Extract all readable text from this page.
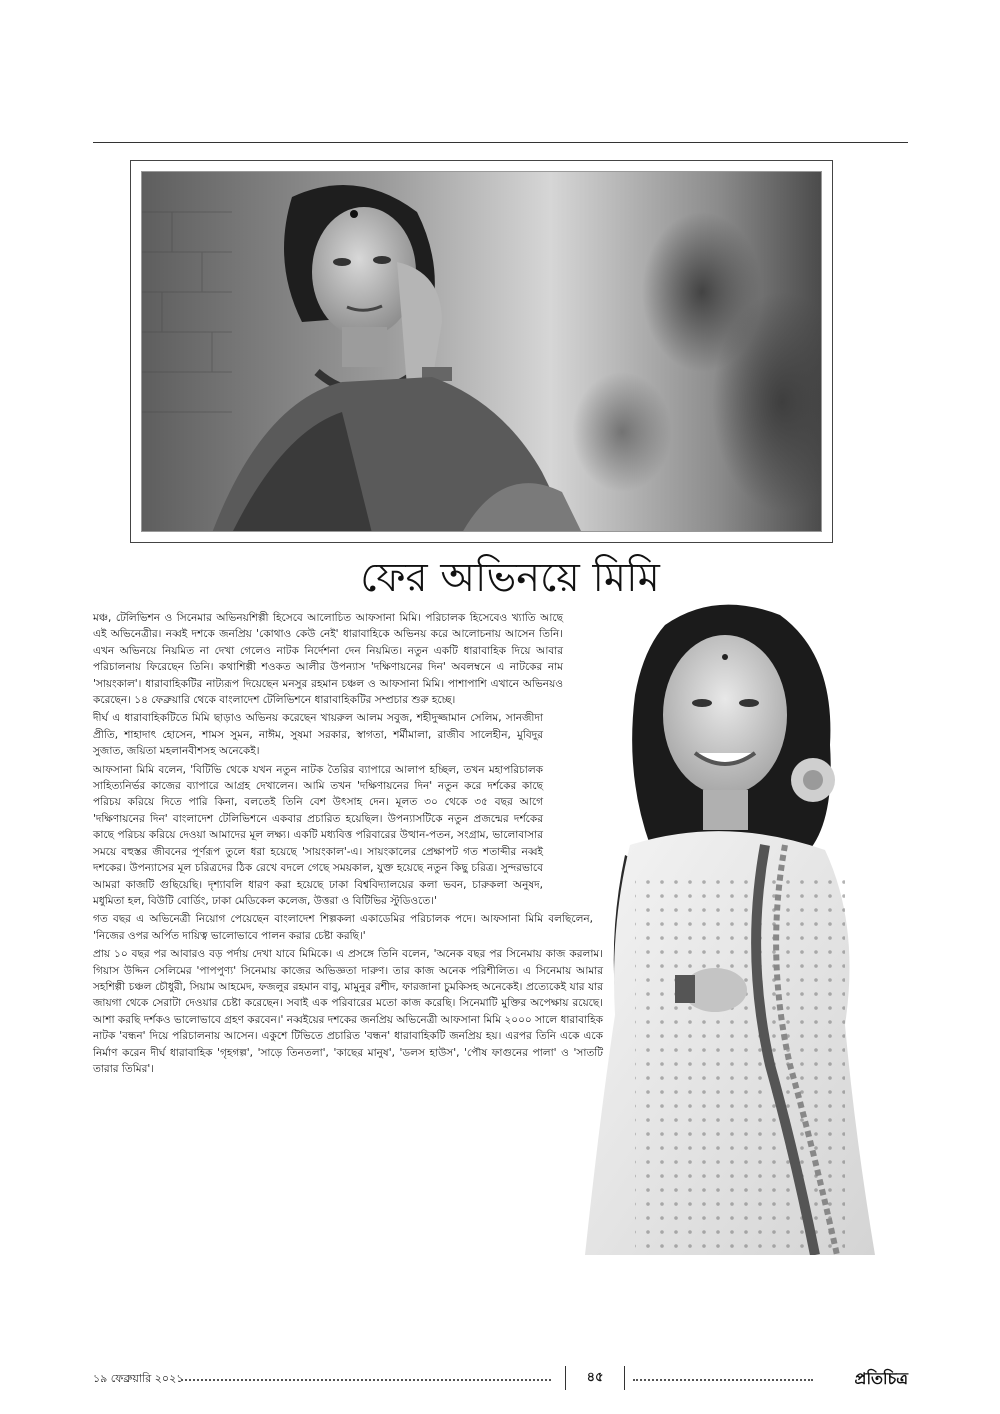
ফের অভিনয়ে মিমি

মঞ্চ, টেলিভিশন ও সিনেমার অভিনয়শিল্পী হিসেবে আলোচিত আফসানা মিমি। পরিচালক হিসেবেও খ্যাতি আছে এই অভিনেত্রীর। নব্বই দশকে জনপ্রিয় 'কোথাও কেউ নেই' ধারাবাহিকে অভিনয় করে আলোচনায় আসেন তিনি। এখন অভিনয়ে নিয়মিত না দেখা গেলেও নাটক নির্দেশনা দেন নিয়মিত। নতুন একটি ধারাবাহিক দিয়ে আবার পরিচালনায় ফিরেছেন তিনি। কথাশিল্পী শওকত আলীর উপন্যাস 'দক্ষিণায়নের দিন' অবলম্বনে এ নাটকের নাম 'সায়ংকাল'। ধারাবাহিকটির নাট্যরূপ দিয়েছেন মনসুর রহমান চঞ্চল ও আফসানা মিমি। পাশাপাশি এখানে অভিনয়ও করেছেন। ১৪ ফেব্রুয়ারি থেকে বাংলাদেশ টেলিভিশনে ধারাবাহিকটির সম্প্রচার শুরু হচ্ছে।

দীর্ঘ এ ধারাবাহিকটিতে মিমি ছাড়াও অভিনয় করেছেন খায়রুল আলম সবুজ, শহীদুজ্জামান সেলিম, সানজীদা প্রীতি, শাহাদাৎ হোসেন, শামস সুমন, নাঈম, সুষমা সরকার, স্বাগতা, শর্মীমালা, রাজীব সালেহীন, মুবিদুর সুজাত, জয়িতা মহলানবীশসহ অনেকেই।

আফসানা মিমি বলেন, 'বিটিভি থেকে যখন নতুন নাটক তৈরির ব্যাপারে আলাপ হচ্ছিল, তখন মহাপরিচালক সাহিত্যনির্ভর কাজের ব্যাপারে আগ্রহ দেখালেন। আমি তখন 'দক্ষিণায়নের দিন' নতুন করে দর্শকের কাছে পরিচয় করিয়ে দিতে পারি কিনা, বলতেই তিনি বেশ উৎসাহ দেন। মূলত ৩০ থেকে ৩৫ বছর আগে 'দক্ষিণায়নের দিন' বাংলাদেশ টেলিভিশনে একবার প্রচারিত হয়েছিল। উপন্যাসটিকে নতুন প্রজন্মের দর্শকের কাছে পরিচয় করিয়ে দেওয়া আমাদের মূল লক্ষ্য। একটি মধ্যবিত্ত পরিবারের উত্থান-পতন, সংগ্রাম, ভালোবাসার সময়ে বহুস্তর জীবনের পূর্ণরূপ তুলে ধরা হয়েছে 'সায়ংকাল'-এ। সায়ংকালের প্রেক্ষাপট গত শতাব্দীর নব্বই দশকের। উপন্যাসের মূল চরিত্রদের ঠিক রেখে বদলে গেছে সময়কাল, যুক্ত হয়েছে নতুন কিছু চরিত্র। সুন্দরভাবে আমরা কাজটি গুছিয়েছি। দৃশ্যাবলি ধারণ করা হয়েছে ঢাকা বিশ্ববিদ্যালয়ের কলা ভবন, চারুকলা অনুষদ, মধুমিতা হল, বিউটি বোর্ডিং, ঢাকা মেডিকেল কলেজ, উত্তরা ও বিটিভির স্টুডিওতে।'

গত বছর এ অভিনেত্রী নিয়োগ পেয়েছেন বাংলাদেশ শিল্পকলা একাডেমির পরিচালক পদে। আফসানা মিমি বলছিলেন, 'নিজের ওপর অর্পিত দায়িত্ব ভালোভাবে পালন করার চেষ্টা করছি।'

প্রায় ১০ বছর পর আবারও বড় পর্দায় দেখা যাবে মিমিকে। এ প্রসঙ্গে তিনি বলেন, 'অনেক বছর পর সিনেমায় কাজ করলাম। গিয়াস উদ্দিন সেলিমের 'পাপপুণ্য' সিনেমায় কাজের অভিজ্ঞতা দারুণ। তার কাজ অনেক পরিশীলিত। এ সিনেমায় আমার সহশিল্পী চঞ্চল চৌধুরী, সিয়াম আহমেদ, ফজলুর রহমান বাবু, মামুনুর রশীদ, ফারজানা চুমকিসহ অনেকেই। প্রত্যেকেই যার যার জায়গা থেকে সেরাটা দেওয়ার চেষ্টা করেছেন। সবাই এক পরিবারের মতো কাজ করেছি। সিনেমাটি মুক্তির অপেক্ষায় রয়েছে। আশা করছি দর্শকও ভালোভাবে গ্রহণ করবেন।' নব্বইয়ের দশকের জনপ্রিয় অভিনেত্রী আফসানা মিমি ২০০০ সালে ধারাবাহিক নাটক 'বন্ধন' দিয়ে পরিচালনায় আসেন। একুশে টিভিতে প্রচারিত 'বন্ধন' ধারাবাহিকটি জনপ্রিয় হয়। এরপর তিনি একে একে নির্মাণ করেন দীর্ঘ ধারাবাহিক 'গৃহগল্প', 'সাড়ে তিনতলা', 'কাছের মানুষ', 'ডলস হাউস', 'পৌষ ফাগুনের পালা' ও 'সাতটি তারার তিমির'।

১৯ ফেব্রুয়ারি ২০২১	৪৫	প্রতিচিত্র
